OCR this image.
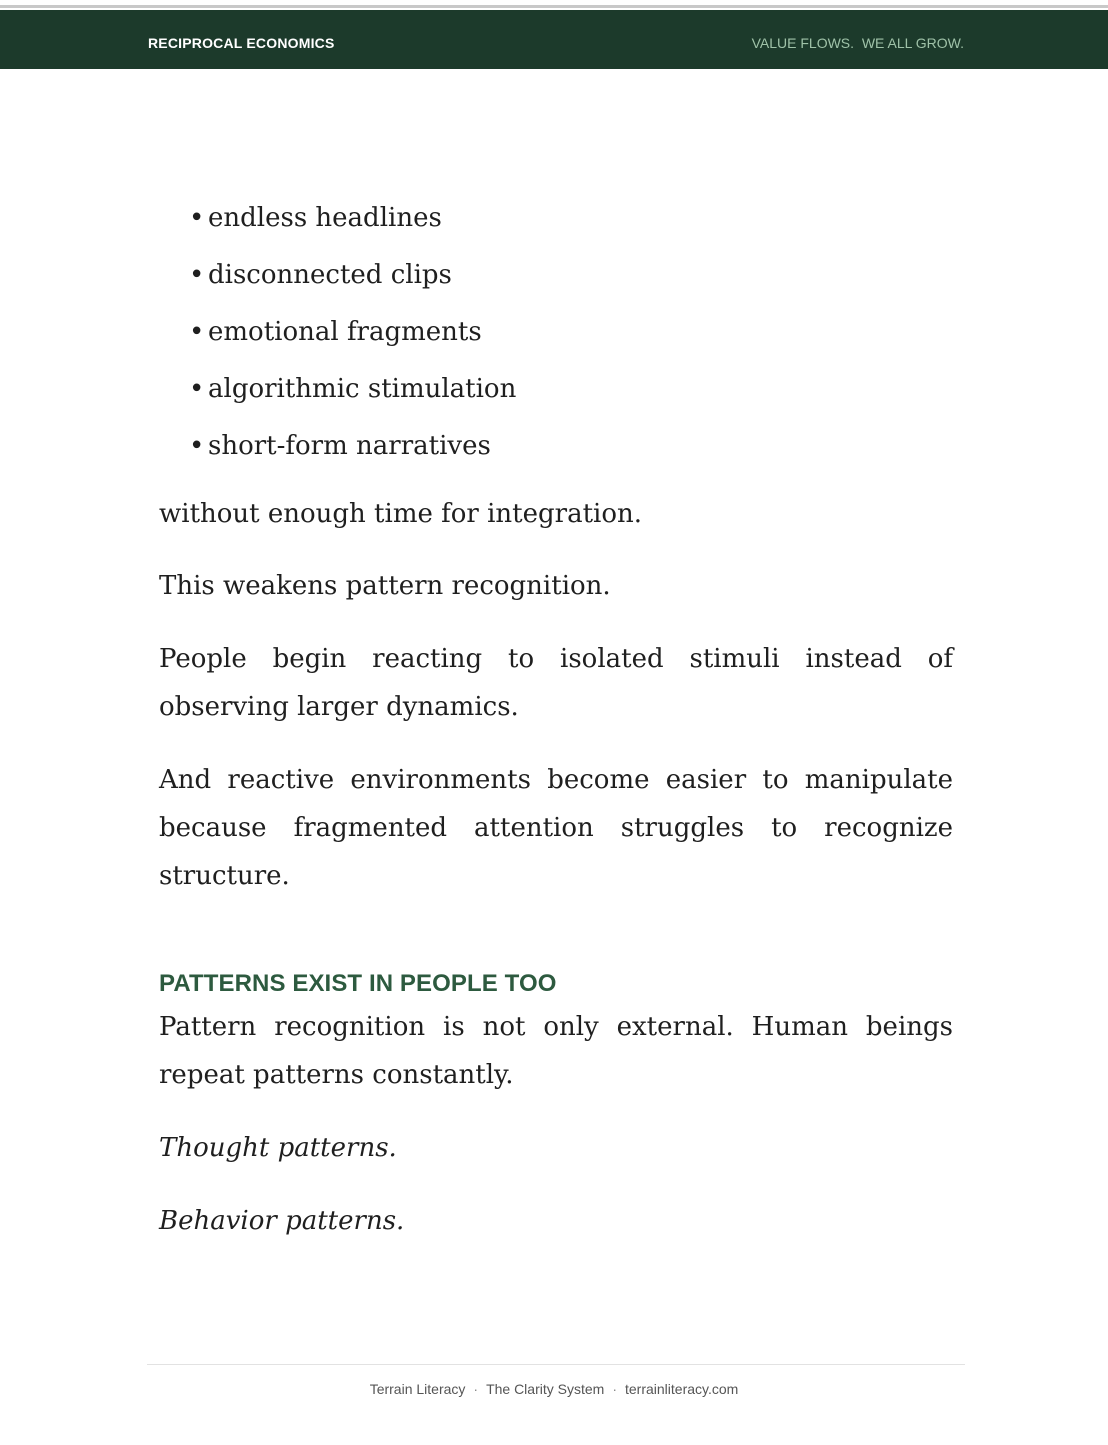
RECIPROCAL ECONOMICS	VALUE FLOWS.  WE ALL GROW.
• endless headlines
• disconnected clips
• emotional fragments
• algorithmic stimulation
• short-form narratives

without enough time for integration.

This weakens pattern recognition.

People begin reacting to isolated stimuli instead of observing larger dynamics.

And reactive environments become easier to manipulate because fragmented attention struggles to recognize structure.

PATTERNS EXIST IN PEOPLE TOO

Pattern recognition is not only external. Human beings repeat patterns constantly.

Thought patterns.

Behavior patterns.

Terrain Literacy · The Clarity System · terrainliteracy.com
